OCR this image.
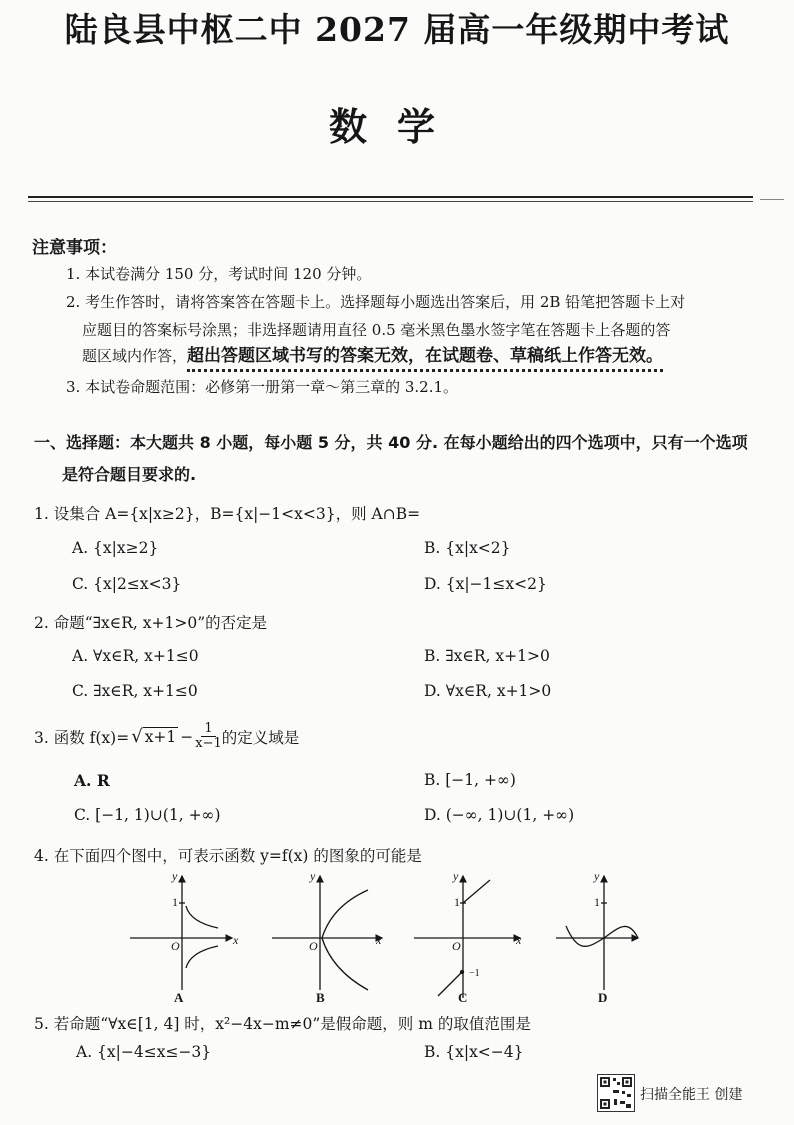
陆良县中枢二中 2027 届高一年级期中考试
数学
注意事项：
1. 本试卷满分 150 分，考试时间 120 分钟。
2. 考生作答时，请将答案答在答题卡上。选择题每小题选出答案后，用 2B 铅笔把答题卡上对
应题目的答案标号涂黑；非选择题请用直径 0.5 毫米黑色墨水签字笔在答题卡上各题的答
题区域内作答，超出答题区域书写的答案无效，在试题卷、草稿纸上作答无效。
3. 本试卷命题范围：必修第一册第一章～第三章的 3.2.1。
一、选择题：本大题共 8 小题，每小题 5 分，共 40 分. 在每小题给出的四个选项中，只有一个选项
是符合题目要求的.
1. 设集合 A={x|x≥2}，B={x|−1<x<3}，则 A∩B=
A. {x|x≥2}	B. {x|x<2}
C. {x|2≤x<3}	D. {x|−1≤x<2}
2. 命题“∃x∈R, x+1>0”的否定是
A. ∀x∈R, x+1≤0	B. ∃x∈R, x+1>0
C. ∃x∈R, x+1≤0	D. ∀x∈R, x+1>0
3. 函数 f(x)= √ $x+1 - \frac{1}{x-1}$ 的定义域是
A. R	B. [−1, +∞)
C. [−1, 1)∪(1, +∞)	D. (−∞, 1)∪(1, +∞)
4. 在下面四个图中，可表示函数 y=f(x) 的图象的可能是
y
x
O
1
y
x
O
y
x
O
1
−1
y
1
A	B	C	D
5. 若命题“∀x∈[1, 4] 时，x²−4x−m≠0”是假命题，则 m 的取值范围是
A. {x|−4≤x≤−3}	B. {x|x<−4}
扫描全能王 创建
